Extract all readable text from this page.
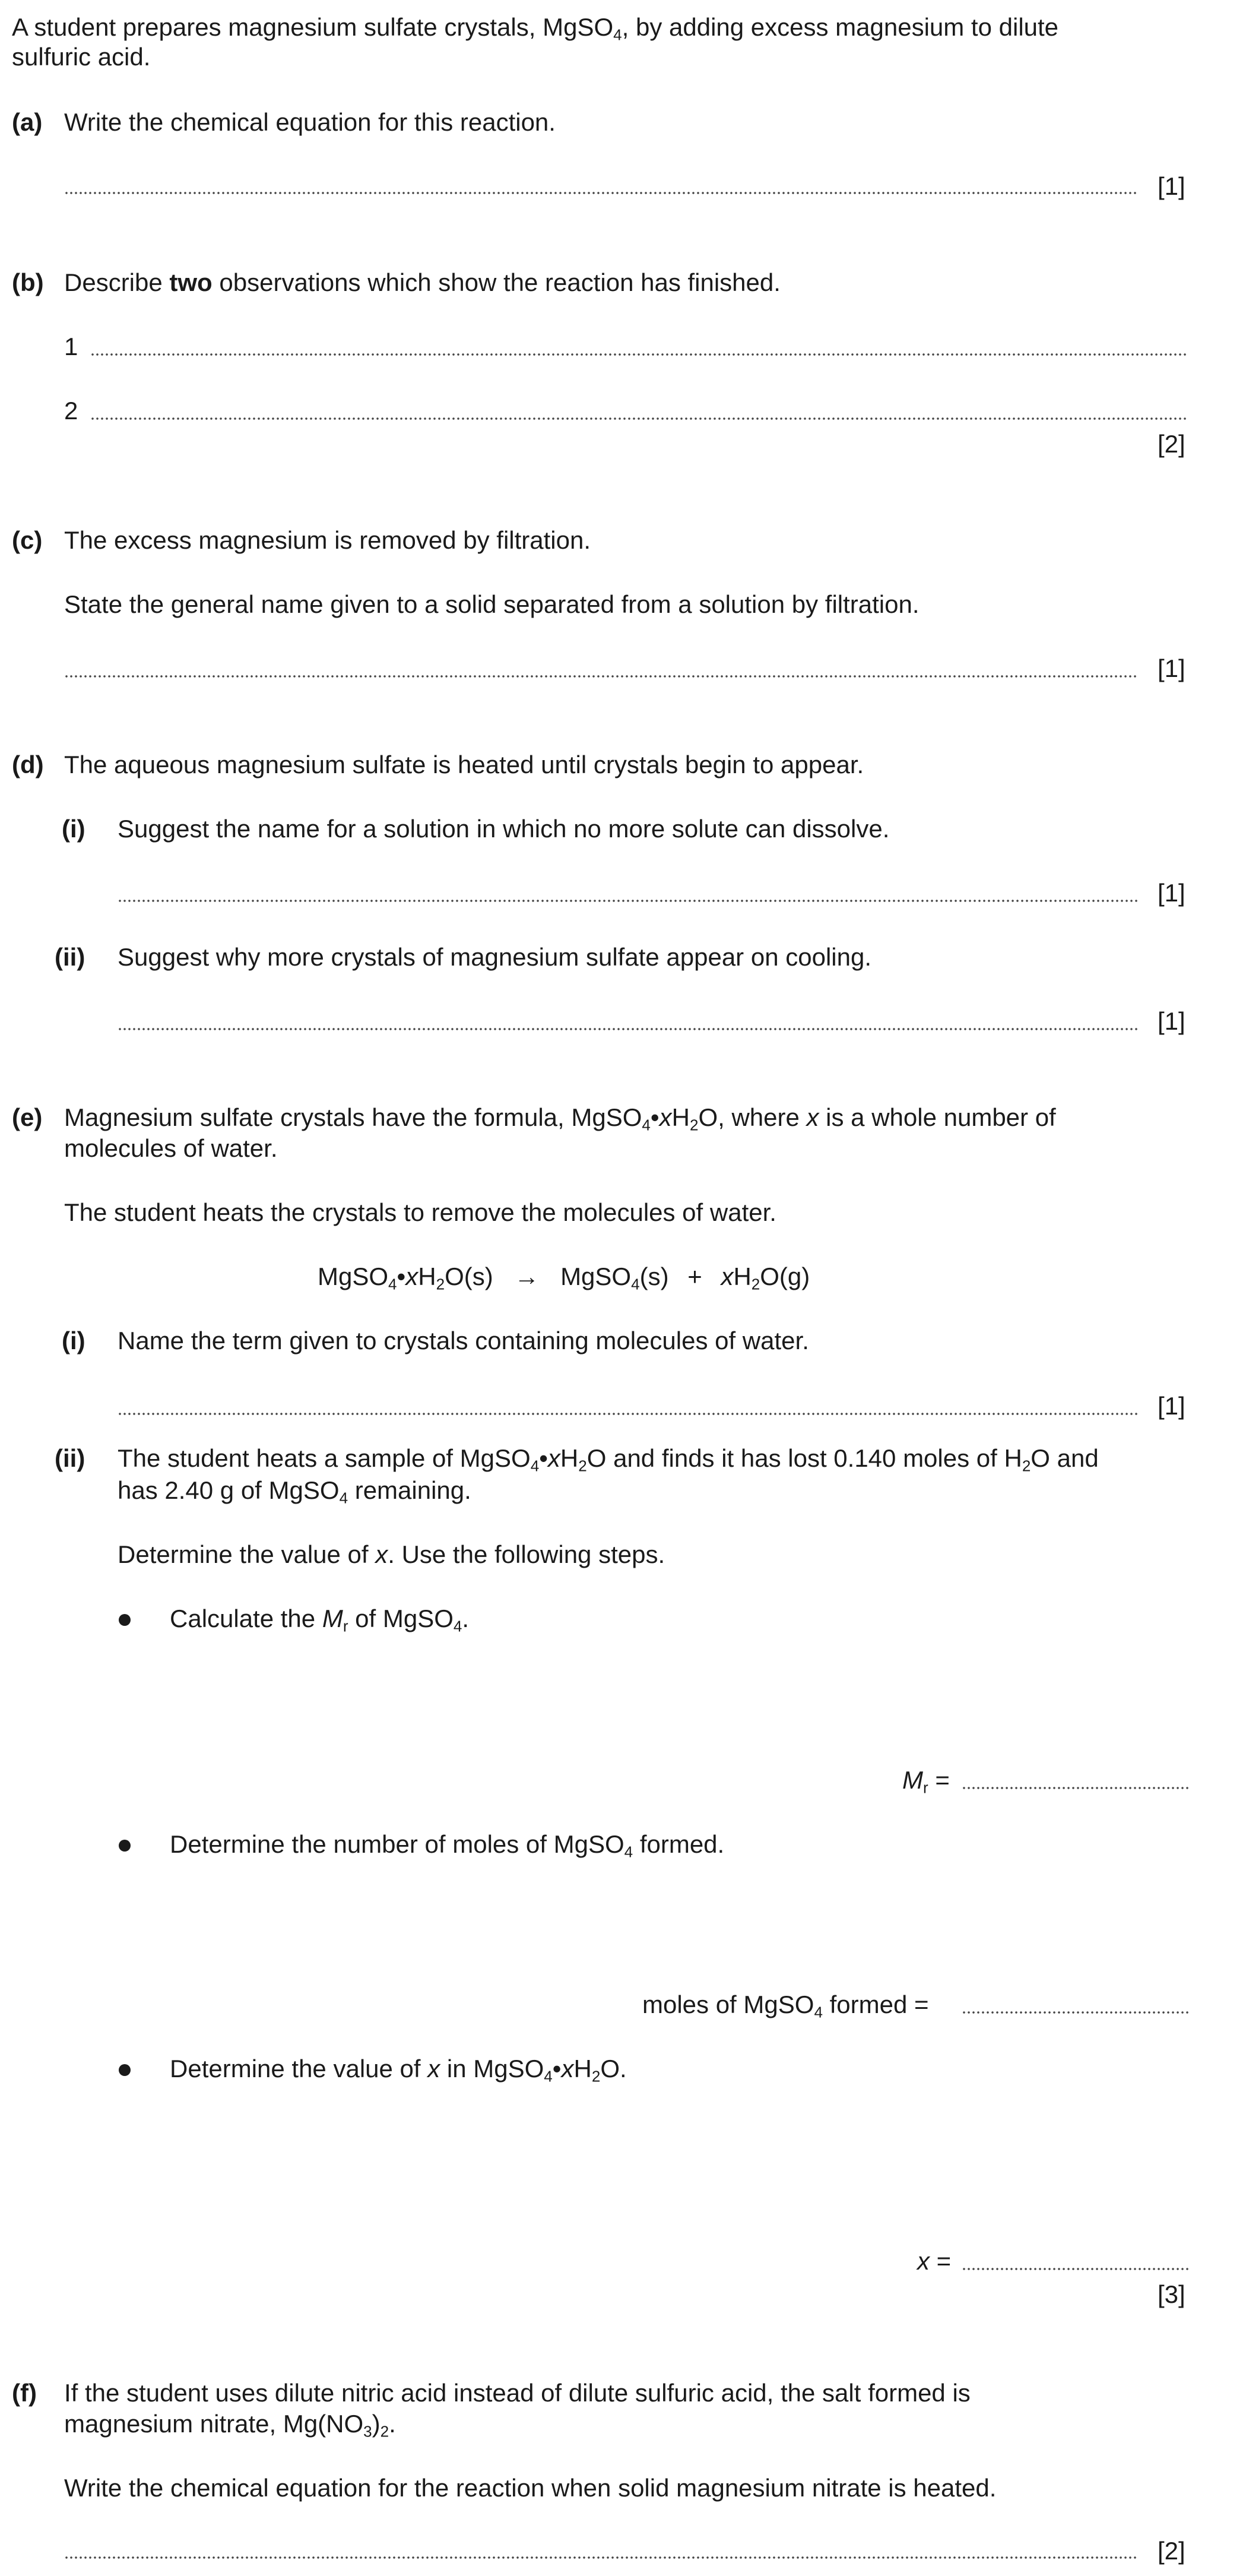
A student prepares magnesium sulfate crystals, MgSO$_4$, by adding excess magnesium to dilute
sulfuric acid.
(a) Write the chemical equation for this reaction.
[1]
(b) Describe two observations which show the reaction has finished.
1
2
[2]
(c) The excess magnesium is removed by filtration.
State the general name given to a solid separated from a solution by filtration.
[1]
(d) The aqueous magnesium sulfate is heated until crystals begin to appear.
(i) Suggest the name for a solution in which no more solute can dissolve.
[1]
(ii) Suggest why more crystals of magnesium sulfate appear on cooling.
[1]
(e) Magnesium sulfate crystals have the formula, $MgSO_4•xH_2O$, where x is a whole number of
molecules of water.
The student heats the crystals to remove the molecules of water.
$MgSO_4•xH_2O(s)$ → MgSO$_4$(s) + $xH_2O(g)$
(i) Name the term given to crystals containing molecules of water.
[1]
(ii) The student heats a sample of $MgSO_4•xH_2O$ and finds it has lost 0.140 moles of $H_2O$ and
has 2.40 g of MgSO$_4$ remaining.
Determine the value of x. Use the following steps.
Calculate the $M_r$ of MgSO$_4$.
$M_r$ =
Determine the number of moles of MgSO$_4$ formed.
moles of MgSO$_4$ formed =
Determine the value of x in $MgSO_4•xH_2O$.
x =
[3]
(f) If the student uses dilute nitric acid instead of dilute sulfuric acid, the salt formed is
magnesium nitrate, $Mg(NO_3)_2$.
Write the chemical equation for the reaction when solid magnesium nitrate is heated.
[2]
